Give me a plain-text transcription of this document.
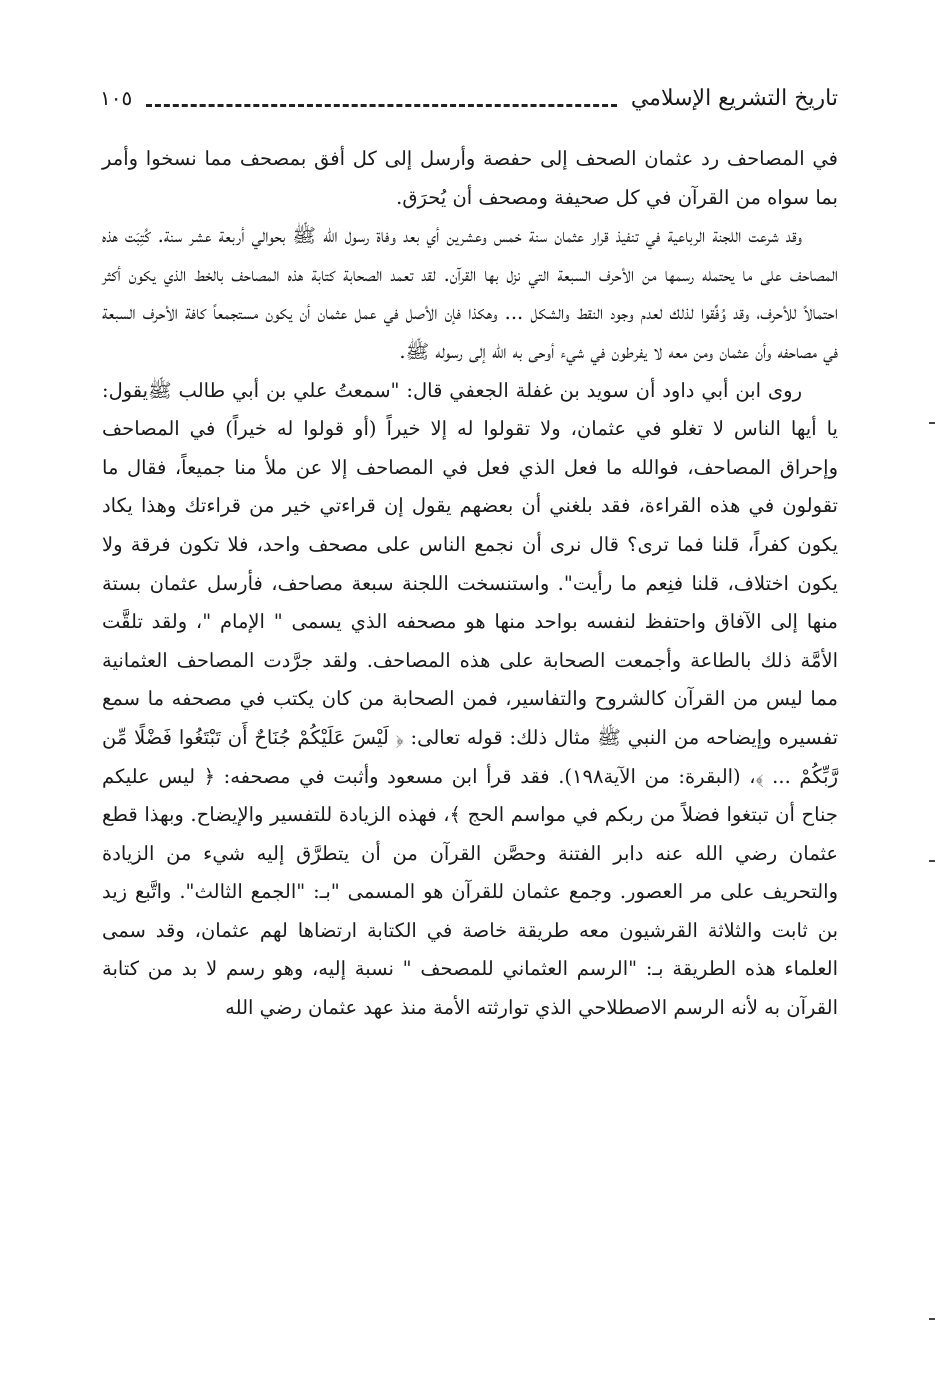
تاريخ التشريع الإسلامي
١٠٥

في المصاحف رد عثمان الصحف إلى حفصة وأرسل إلى كل أفق بمصحف مما نسخوا وأمر بما سواه من القرآن في كل صحيفة ومصحف أن يُحرَق.

وقد شرعت اللجنة الرباعية في تنفيذ قرار عثمان سنة خمس وعشرين أي بعد وفاة رسول الله ﷺ بحوالي أربعة عشر سنة. كُتِبَت هذه المصاحف على ما يحتمله رسمها من الأحرف السبعة التي نزل بها القرآن. لقد تعمد الصحابة كتابة هذه المصاحف بالخط الذي يكون أكثر احتمالاً للأحرف، وقد وُفِّقوا لذلك لعدم وجود النقط والشكل ... وهكذا فإن الأصل في عمل عثمان أن يكون مستجمعاً كافة الأحرف السبعة في مصاحفه وأن عثمان ومن معه لا يفرطون في شيء أوحى به الله إلى رسوله ﷺ.

روى ابن أبي داود أن سويد بن غفلة الجعفي قال: "سمعتُ علي بن أبي طالب ﷺيقول: يا أيها الناس لا تغلو في عثمان، ولا تقولوا له إلا خيراً (أو قولوا له خيراً) في المصاحف وإحراق المصاحف، فوالله ما فعل الذي فعل في المصاحف إلا عن ملأ منا جميعاً، فقال ما تقولون في هذه القراءة، فقد بلغني أن بعضهم يقول إن قراءتي خير من قراءتك وهذا يكاد يكون كفراً، قلنا فما ترى؟ قال نرى أن نجمع الناس على مصحف واحد، فلا تكون فرقة ولا يكون اختلاف، قلنا فنِعم ما رأيت". واستنسخت اللجنة سبعة مصاحف، فأرسل عثمان بستة منها إلى الآفاق واحتفظ لنفسه بواحد منها هو مصحفه الذي يسمى " الإمام "، ولقد تلقَّت الأمَّة ذلك بالطاعة وأجمعت الصحابة على هذه المصاحف. ولقد جرَّدت المصاحف العثمانية مما ليس من القرآن كالشروح والتفاسير، فمن الصحابة من كان يكتب في مصحفه ما سمع تفسيره وإيضاحه من النبي ﷺ مثال ذلك: قوله تعالى: ﴿ لَيْسَ عَلَيْكُمْ جُنَاحٌ أَن تَبْتَغُوا فَضْلًا مِّن رَّبِّكُمْ ... ﴾، (البقرة: من الآية١٩٨). فقد قرأ ابن مسعود وأثبت في مصحفه: ﴿ ليس عليكم جناح أن تبتغوا فضلاً من ربكم في مواسم الحج ﴾، فهذه الزيادة للتفسير والإيضاح. وبهذا قطع عثمان رضي الله عنه دابر الفتنة وحصَّن القرآن من أن يتطرَّق إليه شيء من الزيادة والتحريف على مر العصور. وجمع عثمان للقرآن هو المسمى "بـ: "الجمع الثالث". واتَّبع زيد بن ثابت والثلاثة القرشيون معه طريقة خاصة في الكتابة ارتضاها لهم عثمان، وقد سمى العلماء هذه الطريقة بـ: "الرسم العثماني للمصحف " نسبة إليه، وهو رسم لا بد من كتابة القرآن به لأنه الرسم الاصطلاحي الذي توارثته الأمة منذ عهد عثمان رضي الله
